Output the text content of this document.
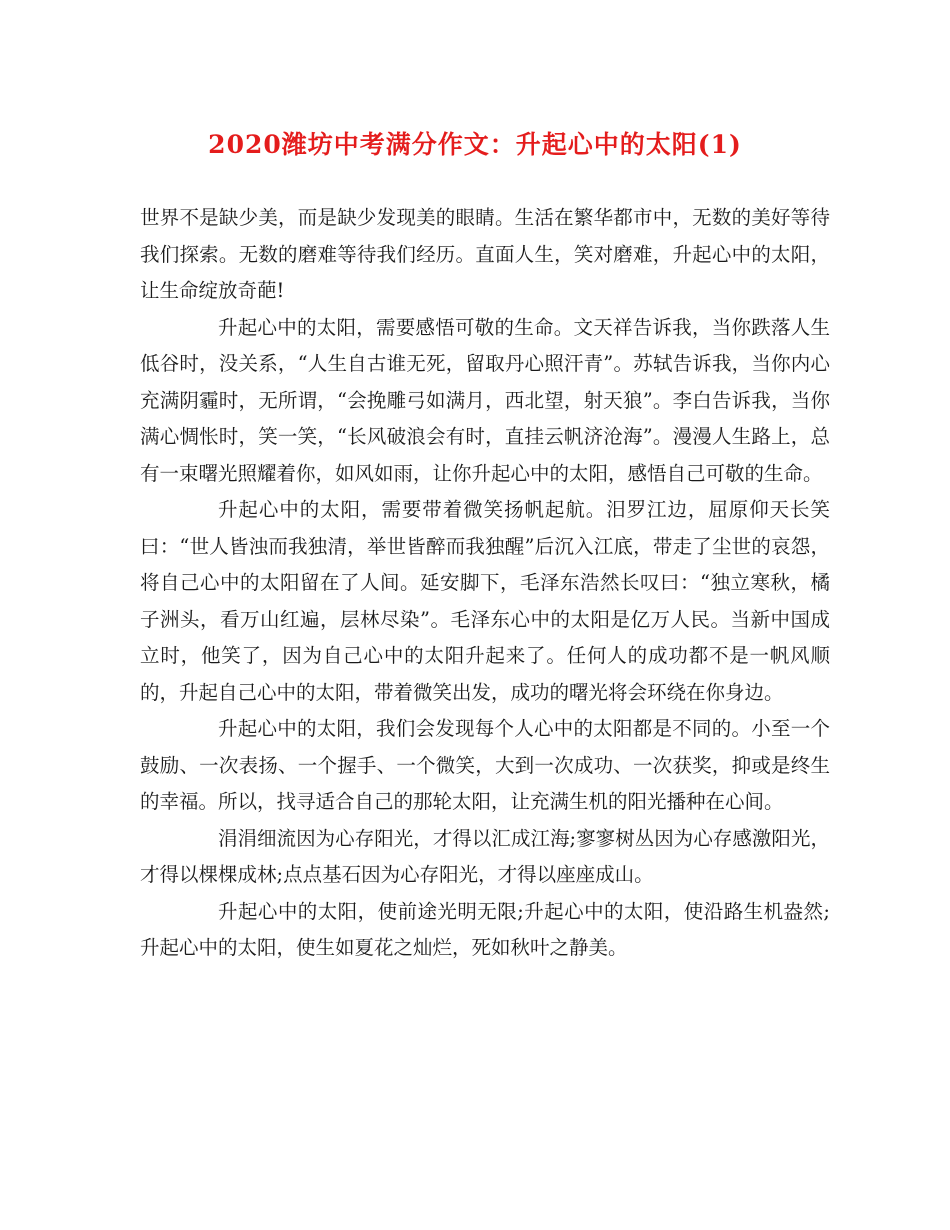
2020潍坊中考满分作文：升起心中的太阳(1)

世界不是缺少美，而是缺少发现美的眼睛。生活在繁华都市中，无数的美好等待我们探索。无数的磨难等待我们经历。直面人生，笑对磨难，升起心中的太阳，让生命绽放奇葩!

升起心中的太阳，需要感悟可敬的生命。文天祥告诉我，当你跌落人生低谷时，没关系，“人生自古谁无死，留取丹心照汗青”。苏轼告诉我，当你内心充满阴霾时，无所谓，“会挽雕弓如满月，西北望，射天狼”。李白告诉我，当你满心惆怅时，笑一笑，“长风破浪会有时，直挂云帆济沧海”。漫漫人生路上，总有一束曙光照耀着你，如风如雨，让你升起心中的太阳，感悟自己可敬的生命。

升起心中的太阳，需要带着微笑扬帆起航。汨罗江边，屈原仰天长笑曰：“世人皆浊而我独清，举世皆醉而我独醒”后沉入江底，带走了尘世的哀怨，将自己心中的太阳留在了人间。延安脚下，毛泽东浩然长叹曰：“独立寒秋，橘子洲头，看万山红遍，层林尽染”。毛泽东心中的太阳是亿万人民。当新中国成立时，他笑了，因为自己心中的太阳升起来了。任何人的成功都不是一帆风顺的，升起自己心中的太阳，带着微笑出发，成功的曙光将会环绕在你身边。

升起心中的太阳，我们会发现每个人心中的太阳都是不同的。小至一个鼓励、一次表扬、一个握手、一个微笑，大到一次成功、一次获奖，抑或是终生的幸福。所以，找寻适合自己的那轮太阳，让充满生机的阳光播种在心间。

涓涓细流因为心存阳光，才得以汇成江海;寥寥树丛因为心存感激阳光，才得以棵棵成林;点点基石因为心存阳光，才得以座座成山。

升起心中的太阳，使前途光明无限;升起心中的太阳，使沿路生机盎然;升起心中的太阳，使生如夏花之灿烂，死如秋叶之静美。
